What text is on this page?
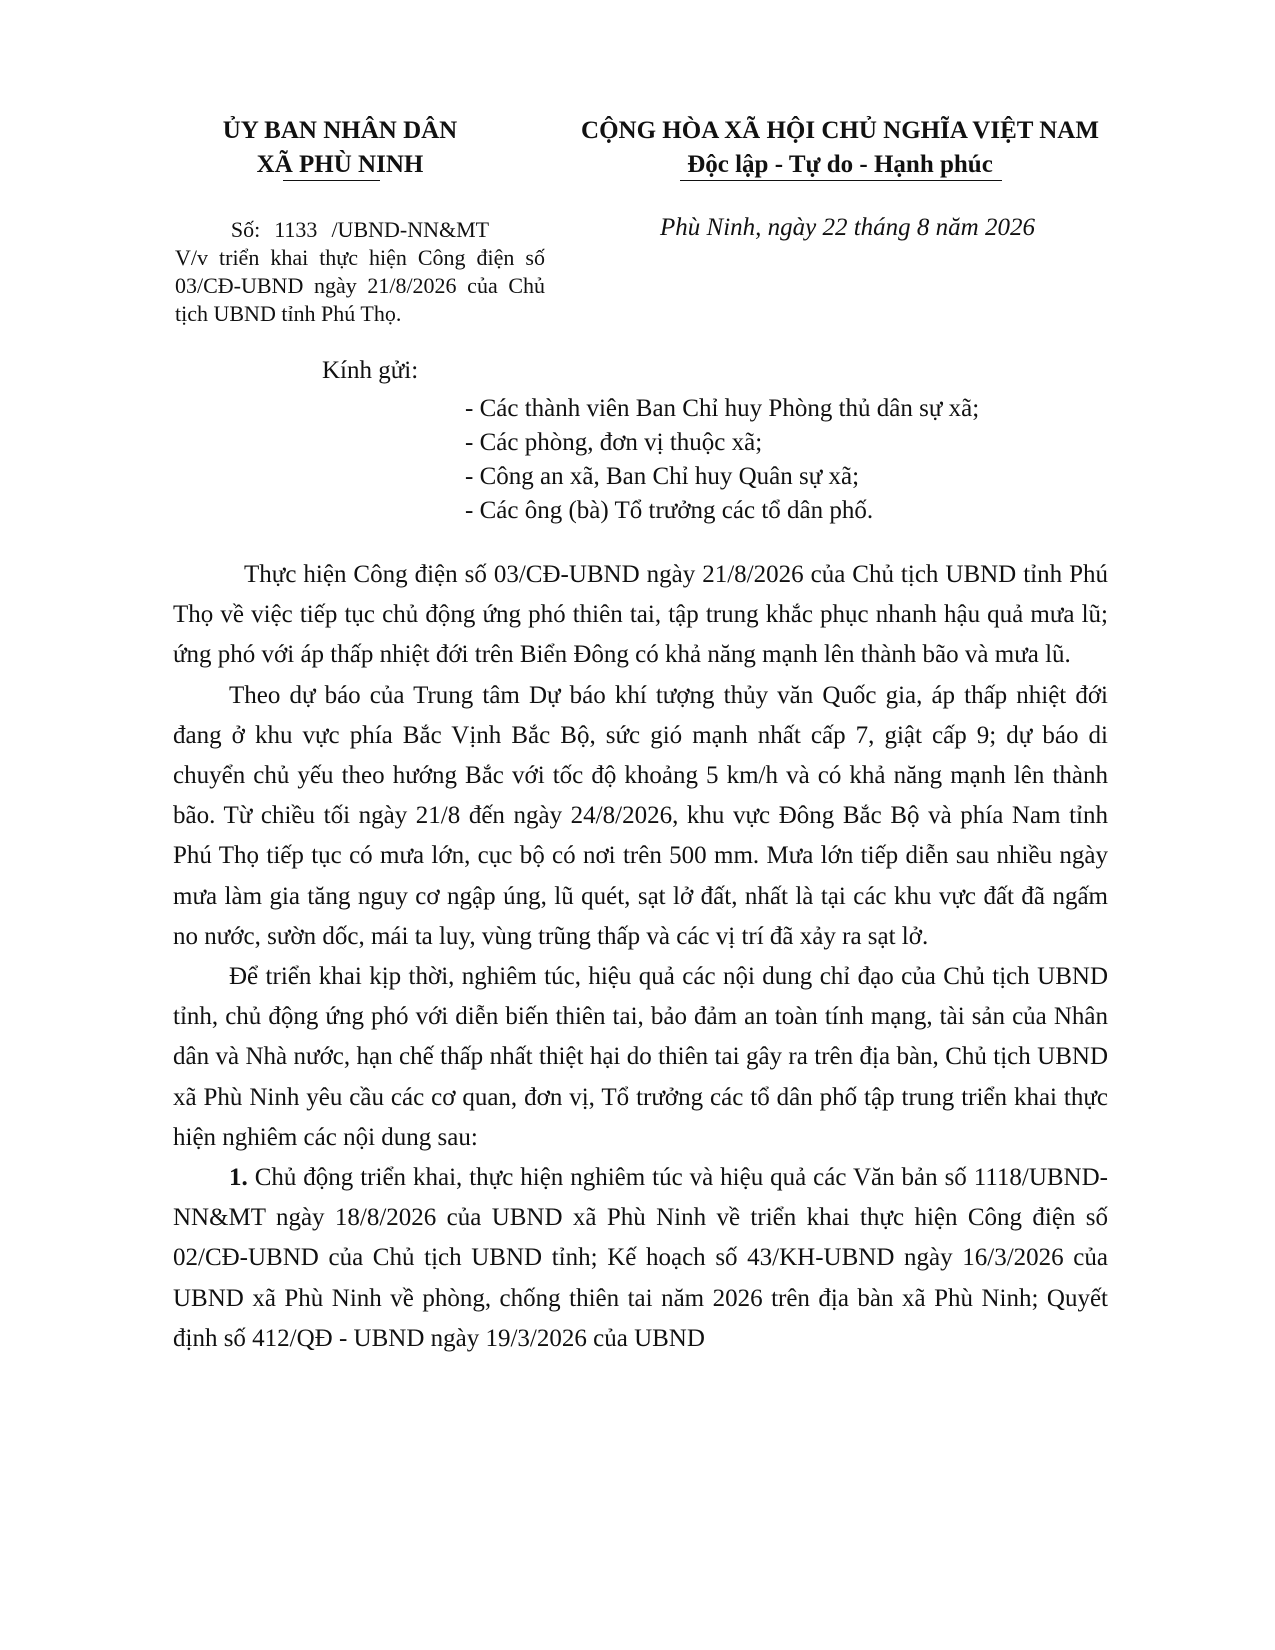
ỦY BAN NHÂN DÂN
XÃ PHÙ NINH
CỘNG HÒA XÃ HỘI CHỦ NGHĨA VIỆT NAM
Độc lập - Tự do - Hạnh phúc
Số: 1133 /UBND-NN&MT
V/v triển khai thực hiện Công điện số 03/CĐ-UBND ngày 21/8/2026 của Chủ tịch UBND tỉnh Phú Thọ.
Phù Ninh, ngày 22 tháng 8 năm 2026
Kính gửi:
- Các thành viên Ban Chỉ huy Phòng thủ dân sự xã;
- Các phòng, đơn vị thuộc xã;
- Công an xã, Ban Chỉ huy Quân sự xã;
- Các ông (bà) Tổ trưởng các tổ dân phố.

Thực hiện Công điện số 03/CĐ-UBND ngày 21/8/2026 của Chủ tịch UBND tỉnh Phú Thọ về việc tiếp tục chủ động ứng phó thiên tai, tập trung khắc phục nhanh hậu quả mưa lũ; ứng phó với áp thấp nhiệt đới trên Biển Đông có khả năng mạnh lên thành bão và mưa lũ.

Theo dự báo của Trung tâm Dự báo khí tượng thủy văn Quốc gia, áp thấp nhiệt đới đang ở khu vực phía Bắc Vịnh Bắc Bộ, sức gió mạnh nhất cấp 7, giật cấp 9; dự báo di chuyển chủ yếu theo hướng Bắc với tốc độ khoảng 5 km/h và có khả năng mạnh lên thành bão. Từ chiều tối ngày 21/8 đến ngày 24/8/2026, khu vực Đông Bắc Bộ và phía Nam tỉnh Phú Thọ tiếp tục có mưa lớn, cục bộ có nơi trên 500 mm. Mưa lớn tiếp diễn sau nhiều ngày mưa làm gia tăng nguy cơ ngập úng, lũ quét, sạt lở đất, nhất là tại các khu vực đất đã ngấm no nước, sườn dốc, mái ta luy, vùng trũng thấp và các vị trí đã xảy ra sạt lở.

Để triển khai kịp thời, nghiêm túc, hiệu quả các nội dung chỉ đạo của Chủ tịch UBND tỉnh, chủ động ứng phó với diễn biến thiên tai, bảo đảm an toàn tính mạng, tài sản của Nhân dân và Nhà nước, hạn chế thấp nhất thiệt hại do thiên tai gây ra trên địa bàn, Chủ tịch UBND xã Phù Ninh yêu cầu các cơ quan, đơn vị, Tổ trưởng các tổ dân phố tập trung triển khai thực hiện nghiêm các nội dung sau:

1. Chủ động triển khai, thực hiện nghiêm túc và hiệu quả các Văn bản số 1118/UBND-NN&MT ngày 18/8/2026 của UBND xã Phù Ninh về triển khai thực hiện Công điện số 02/CĐ-UBND của Chủ tịch UBND tỉnh; Kế hoạch số 43/KH-UBND ngày 16/3/2026 của UBND xã Phù Ninh về phòng, chống thiên tai năm 2026 trên địa bàn xã Phù Ninh; Quyết định số 412/QĐ - UBND ngày 19/3/2026 của UBND
